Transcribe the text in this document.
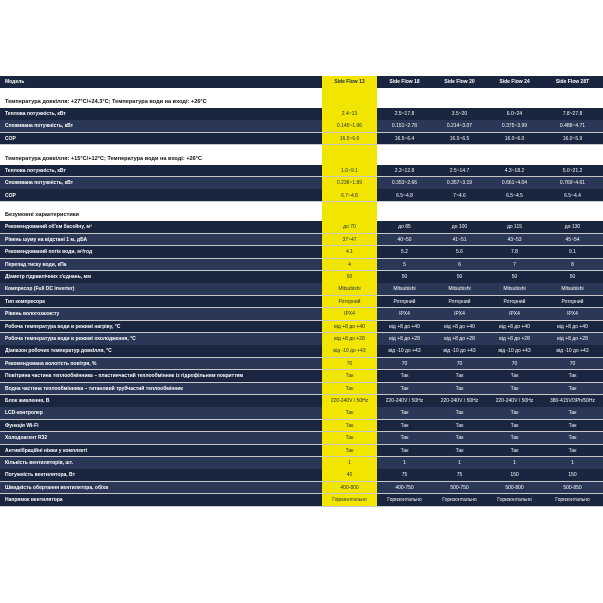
Модель	Side Flow 13	Side Flow 18	Side Flow 20	Side Flow 24	Side Flow 28T
Температура довкілля: +27°C/+24.3°C; Температура води на вході: +26°C
Теплова потужність, кВт	2.4~13	2.5~17.8	3.5~20	6.0~24	7.8~27.8
Споживана потужність, кВт	0.145~1.96	0.151~2.78	0.214~3.07	0.375~3.99	0.488~4.71
COP	16.5~6.6	16.5~6.4	16.5~6.5	16.0~6.0	16.0~5.9
Температура довкілля: +15°C/+12°C; Температура води на вході: +26°C
Теплова потужність, кВт	1.6~9.1	2.3~12.8	2.5~14.7	4.3~18.2	5.0~21.2
Споживана потужність, кВт	0.238~1.89	0.353~2.66	0.357~3.19	0.661~4.04	0.769~4.61
COP	6.7~4.8	6.5~4.8	7~4.6	6.5~4.5	6.5~4.4
Безумовні характеристики
Рекомендований об'єм басейну, м³	до 70	до 85	до 100	до 115	до 130
Рівень шуму на відстані 1 м, дБА	37~47	40~50	41~51	43~53	45~54
Рекомендований потік води, м³/год	4.1	5.2	5.6	7.8	9.1
Перепад тиску води, кПа	4	5	6	7	8
Діаметр гідравлічних з'єднань, мм	50	50	50	50	50
Компресор (Full DC inverter)	Mitsubishi	Mitsubishi	Mitsubishi	Mitsubishi	Mitsubishi
Тип компресора	Роторний	Роторний	Роторний	Роторний	Роторний
Рівень вологозахисту	IPX4	IPX4	IPX4	IPX4	IPX4
Робоча температура води в режимі нагріву, °C	від +8 до +40	від +8 до +40	від +8 до +40	від +8 до +40	від +8 до +40
Робоча температура води в режимі охолодження, °C	від +8 до +28	від +8 до +28	від +8 до +28	від +8 до +28	від +8 до +28
Діапазон робочих температур довкілля, °C	від -10 до +43	від -10 до +43	від -10 до +43	від -10 до +43	від -10 до +43
Рекомендована вологість повітря, %	70	70	70	70	70
Повітряна частина теплообмінника – пластинчастий теплообмінник із гідрофільним покриттям	Так	Так	Так	Так	Так
Водна частина теплообмінника – титановий трубчастий теплообмінник	Так	Так	Так	Так	Так
Блок живлення, В	220-240V / 50Hz	220-240V / 50Hz	220-240V / 50Hz	220-240V / 50Hz	380-415V/3Ph/50Hz
LCD-контролер	Так	Так	Так	Так	Так
Функція Wi-Fi	Так	Так	Так	Так	Так
Холодоагент R32	Так	Так	Так	Так	Так
Антивібраційні ніжки у комплекті	Так	Так	Так	Так	Так
Кількість вентиляторів, шт.	1	1	1	1	1
Потужність вентилятора, Вт	40	75	75	150	150
Швидкість обертання вентилятора, об/хв	400-800	400-750	500-750	500-800	500-850
Напрямок вентилятора	Горизонтально	Горизонтально	Горизонтально	Горизонтально	Горизонтально
